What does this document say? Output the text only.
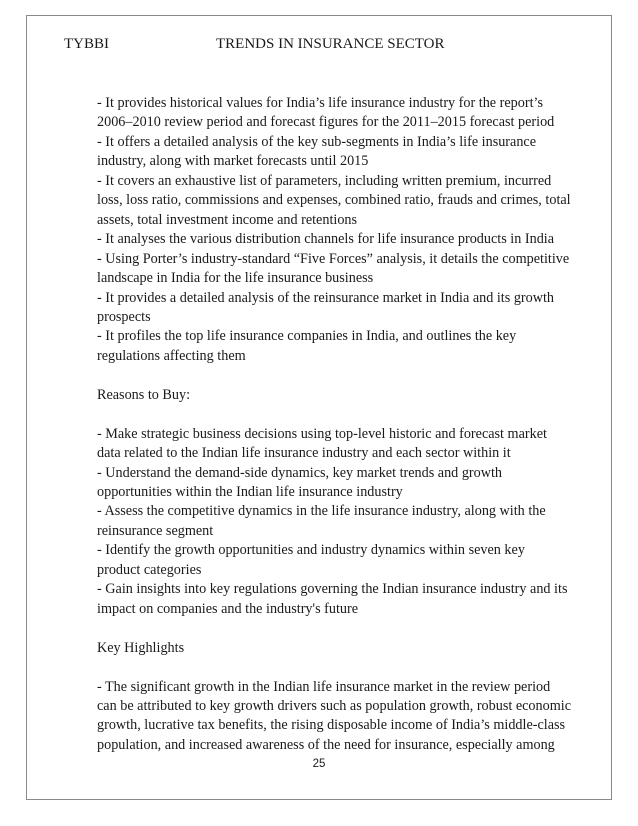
TYBBI	TRENDS IN INSURANCE SECTOR
- It provides historical values for India’s life insurance industry for the report’s
2006–2010 review period and forecast figures for the 2011–2015 forecast period
- It offers a detailed analysis of the key sub-segments in India’s life insurance
industry, along with market forecasts until 2015
- It covers an exhaustive list of parameters, including written premium, incurred
loss, loss ratio, commissions and expenses, combined ratio, frauds and crimes, total
assets, total investment income and retentions
- It analyses the various distribution channels for life insurance products in India
- Using Porter’s industry-standard “Five Forces” analysis, it details the competitive
landscape in India for the life insurance business
- It provides a detailed analysis of the reinsurance market in India and its growth
prospects
- It profiles the top life insurance companies in India, and outlines the key
regulations affecting them
Reasons to Buy:
- Make strategic business decisions using top-level historic and forecast market
data related to the Indian life insurance industry and each sector within it
- Understand the demand-side dynamics, key market trends and growth
opportunities within the Indian life insurance industry
- Assess the competitive dynamics in the life insurance industry, along with the
reinsurance segment
- Identify the growth opportunities and industry dynamics within seven key
product categories
- Gain insights into key regulations governing the Indian insurance industry and its
impact on companies and the industry's future
Key Highlights
- The significant growth in the Indian life insurance market in the review period
can be attributed to key growth drivers such as population growth, robust economic
growth, lucrative tax benefits, the rising disposable income of India’s middle-class
population, and increased awareness of the need for insurance, especially among
25
